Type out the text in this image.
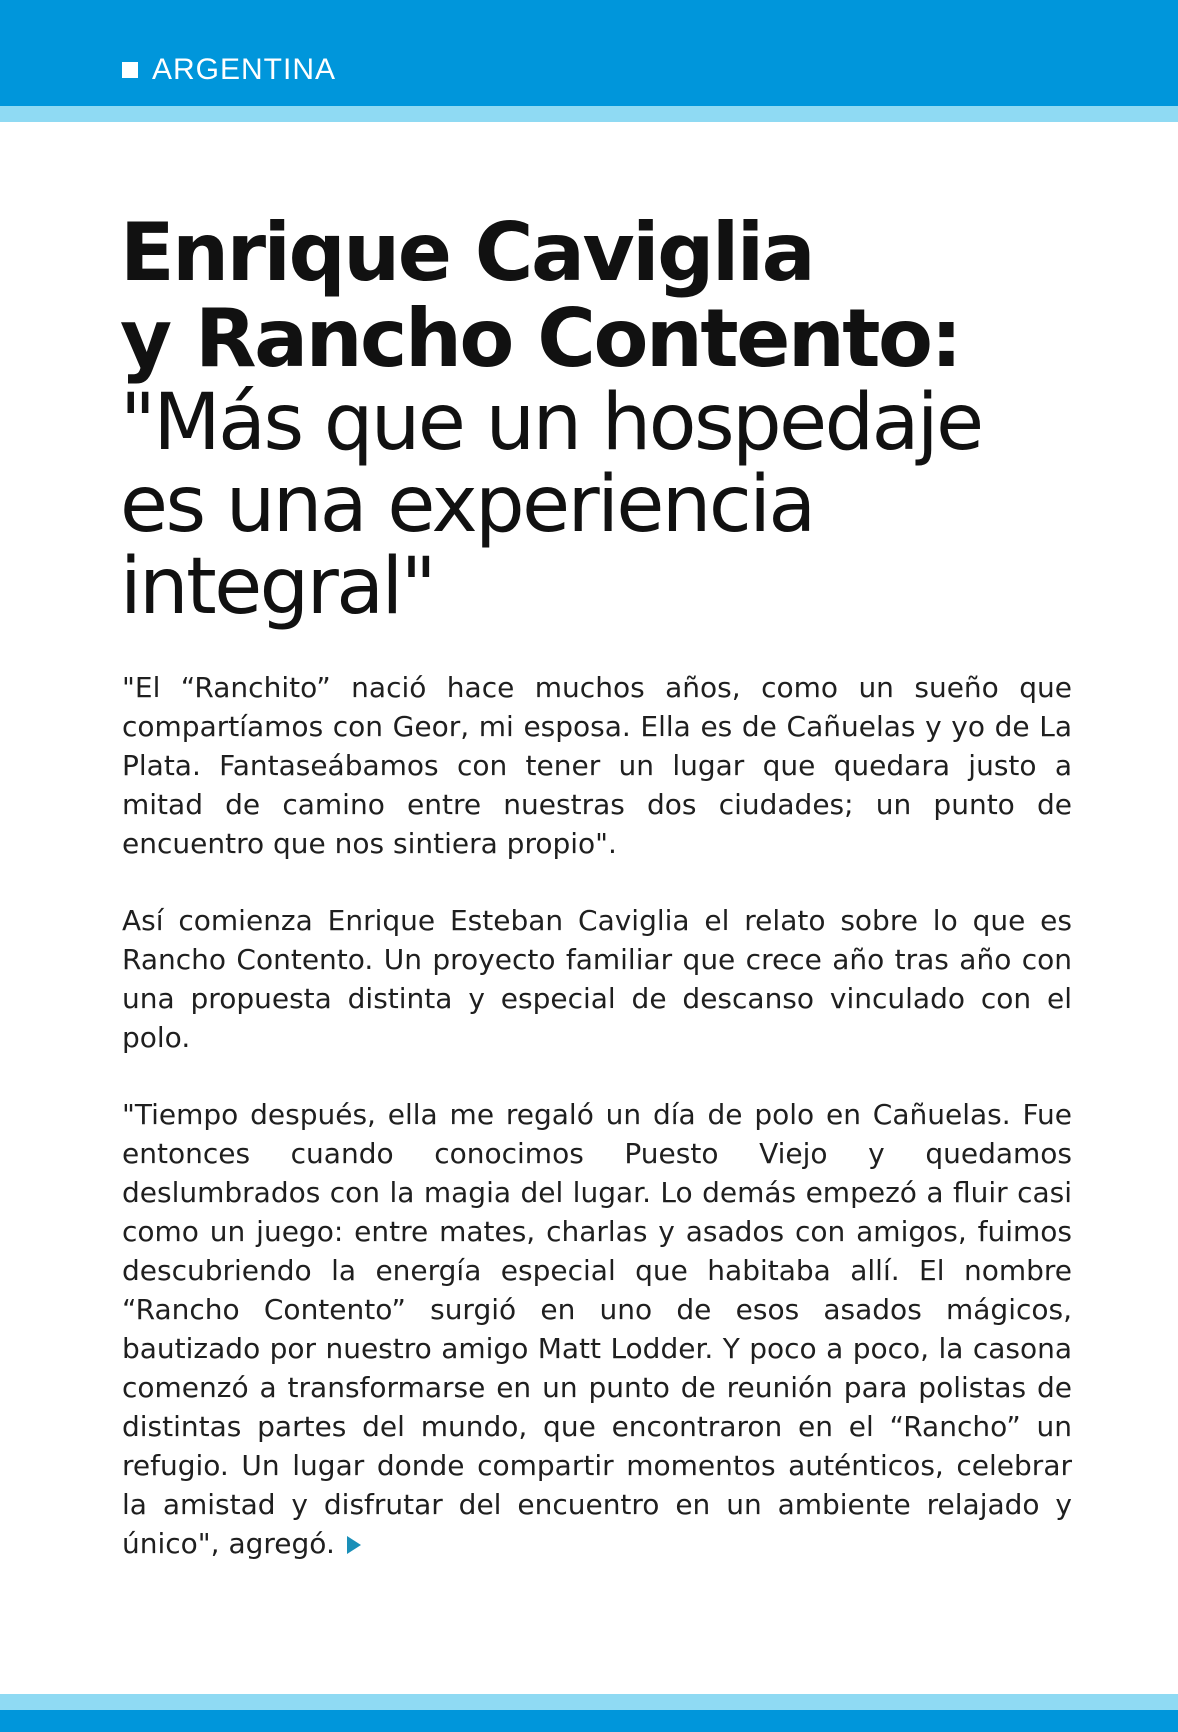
ARGENTINA
Enrique Caviglia
y Rancho Contento:
"Más que un hospedaje
es una experiencia
integral"

"El “Ranchito” nació hace muchos años, como un sueño que compartíamos con Geor, mi esposa. Ella es de Cañuelas y yo de La Plata. Fantaseábamos con tener un lugar que quedara justo a mitad de camino entre nuestras dos ciudades; un punto de encuentro que nos sintiera propio".

Así comienza Enrique Esteban Caviglia el relato sobre lo que es Rancho Contento. Un proyecto familiar que crece año tras año con una propuesta distinta y especial de descanso vinculado con el polo.

"Tiempo después, ella me regaló un día de polo en Cañuelas. Fue entonces cuando conocimos Puesto Viejo y quedamos deslumbrados con la magia del lugar. Lo demás empezó a fluir casi como un juego: entre mates, charlas y asados con amigos, fuimos descubriendo la energía especial que habitaba allí. El nombre “Rancho Contento” surgió en uno de esos asados mágicos, bautizado por nuestro amigo Matt Lodder. Y poco a poco, la casona comenzó a transformarse en un punto de reunión para polistas de distintas partes del mundo, que encontraron en el “Rancho” un refugio. Un lugar donde compartir momentos auténticos, celebrar la amistad y disfrutar del encuentro en un ambiente relajado y único", agregó.
